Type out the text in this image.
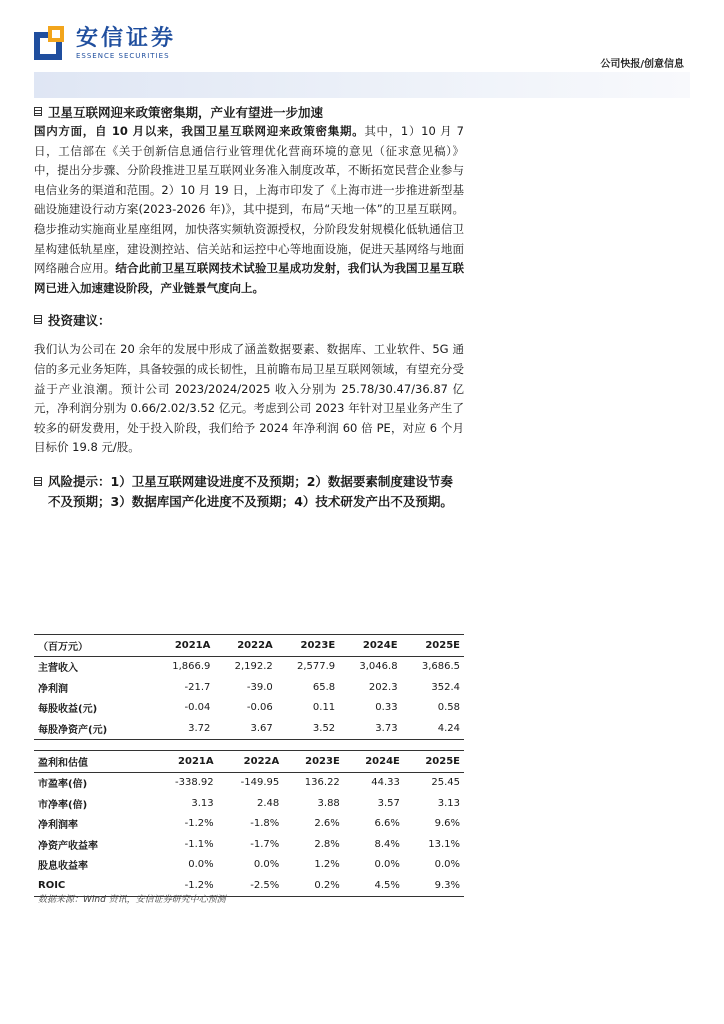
安信证券
ESSENCE SECURITIES
公司快报/创意信息
卫星互联网迎来政策密集期，产业有望进一步加速

国内方面，自 10 月以来，我国卫星互联网迎来政策密集期。其中，1）10 月 7 日，工信部在《关于创新信息通信行业管理优化营商环境的意见（征求意见稿）》中，提出分步骤、分阶段推进卫星互联网业务准入制度改革，不断拓宽民营企业参与电信业务的渠道和范围。2）10 月 19 日，上海市印发了《上海市进一步推进新型基础设施建设行动方案(2023-2026 年)》，其中提到，布局“天地一体”的卫星互联网。稳步推动实施商业星座组网，加快落实频轨资源授权，分阶段发射规模化低轨通信卫星构建低轨星座，建设测控站、信关站和运控中心等地面设施，促进天基网络与地面网络融合应用。结合此前卫星互联网技术试验卫星成功发射，我们认为我国卫星互联网已进入加速建设阶段，产业链景气度向上。

投资建议：

我们认为公司在 20 余年的发展中形成了涵盖数据要素、数据库、工业软件、5G 通信的多元业务矩阵，具备较强的成长韧性，且前瞻布局卫星互联网领域，有望充分受益于产业浪潮。预计公司 2023/2024/2025 收入分别为 25.78/30.47/36.87 亿元，净利润分别为 0.66/2.02/3.52 亿元。考虑到公司 2023 年针对卫星业务产生了较多的研发费用，处于投入阶段，我们给予 2024 年净利润 60 倍 PE，对应 6 个月目标价 19.8 元/股。

风险提示：1）卫星互联网建设进度不及预期；2）数据要素制度建设节奏不及预期；3）数据库国产化进度不及预期；4）技术研发产出不及预期。
（百万元）	2021A	2022A	2023E	2024E	2025E
主营收入	1,866.9	2,192.2	2,577.9	3,046.8	3,686.5
净利润	-21.7	-39.0	65.8	202.3	352.4
每股收益(元)	-0.04	-0.06	0.11	0.33	0.58
每股净资产(元)	3.72	3.67	3.52	3.73	4.24
盈利和估值	2021A	2022A	2023E	2024E	2025E
市盈率(倍)	-338.92	-149.95	136.22	44.33	25.45
市净率(倍)	3.13	2.48	3.88	3.57	3.13
净利润率	-1.2%	-1.8%	2.6%	6.6%	9.6%
净资产收益率	-1.1%	-1.7%	2.8%	8.4%	13.1%
股息收益率	0.0%	0.0%	1.2%	0.0%	0.0%
ROIC	-1.2%	-2.5%	0.2%	4.5%	9.3%
数据来源：Wind 资讯，安信证券研究中心预测
